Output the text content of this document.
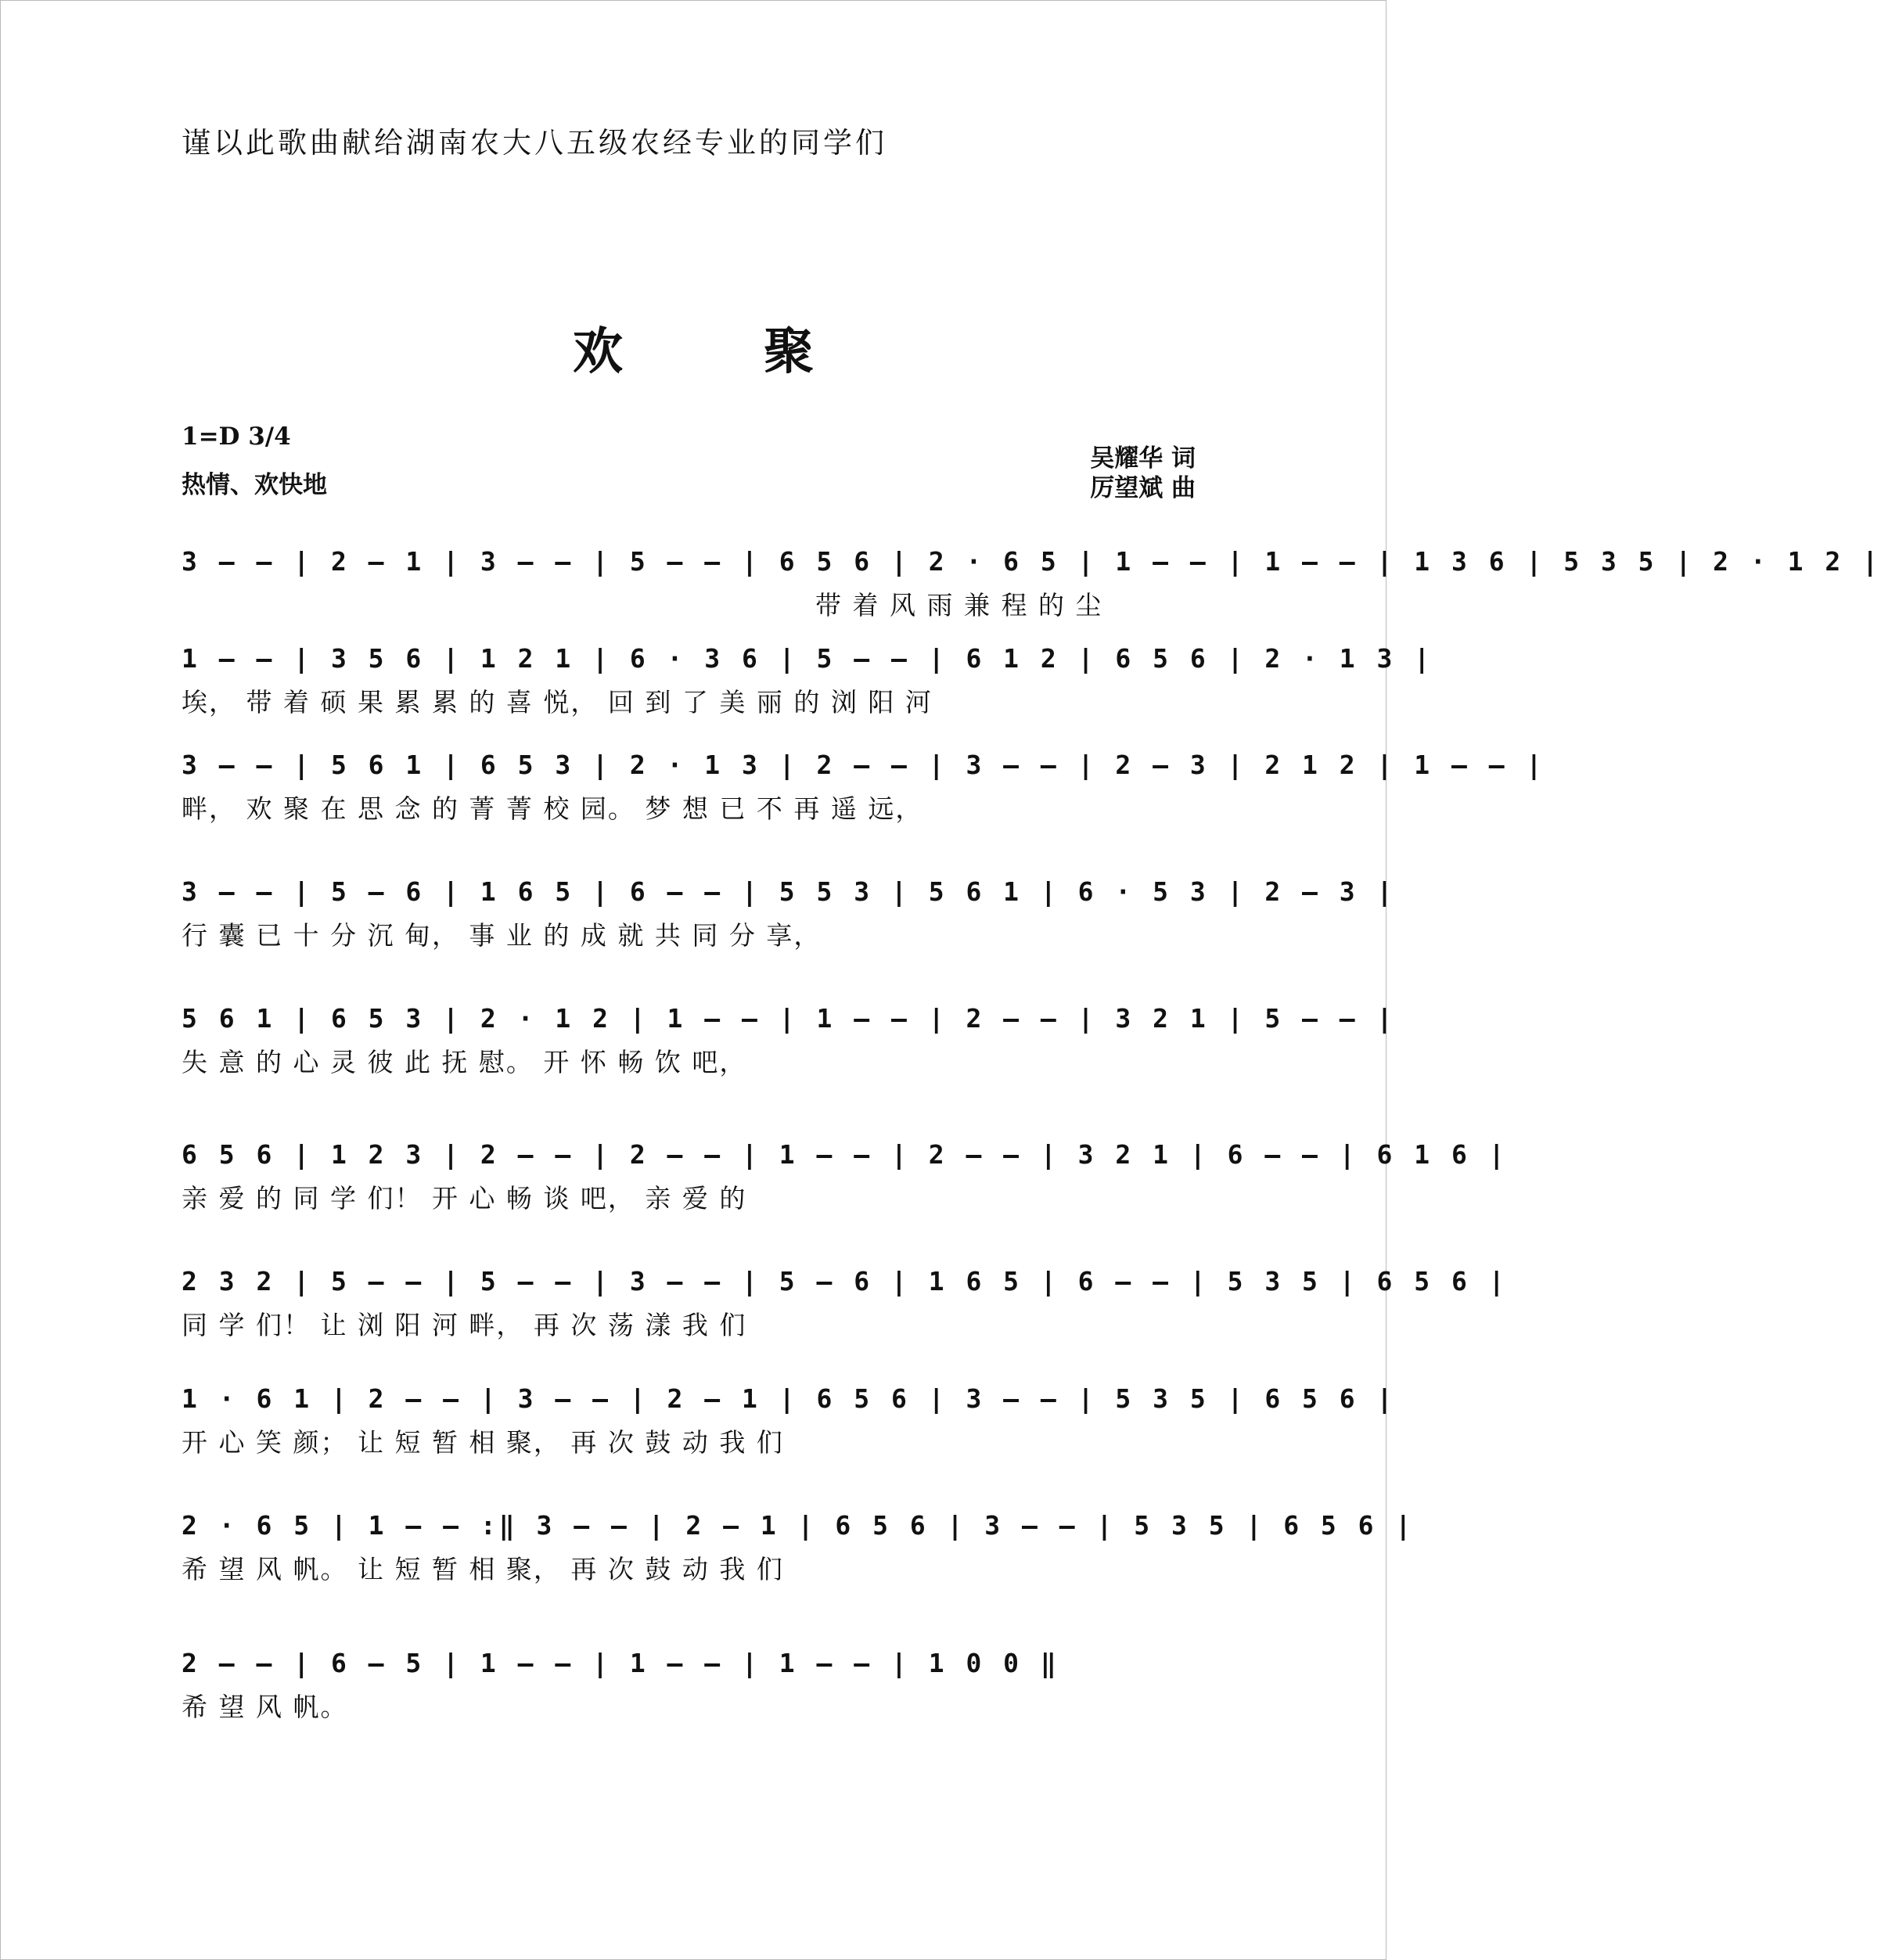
谨以此歌曲献给湖南农大八五级农经专业的同学们
欢	聚
1=D 3/4
热情、欢快地
吴耀华 词
厉望斌 曲
3 — — | 2 — 1 | 3 — — | 5 — — | 6 5 6 | 2 · 6 5 | 1 — — | 1 — — | 1 3 6 | 5 3 5 | 2 · 1 2 |
带 着 风 雨 兼 程 的 尘
1 — — | 3 5 6 | 1 2 1 | 6 · 3 6 | 5 — — | 6 1 2 | 6 5 6 | 2 · 1 3 |
埃， 带 着 硕 果 累 累 的 喜 悦， 回 到 了 美 丽 的 浏 阳 河
3 — — | 5 6 1 | 6 5 3 | 2 · 1 3 | 2 — — | 3 — — | 2 — 3 | 2 1 2 | 1 — — |
畔， 欢 聚 在 思 念 的 菁 菁 校 园。 梦 想 已 不 再 遥 远，
3 — — | 5 — 6 | 1 6 5 | 6 — — | 5 5 3 | 5 6 1 | 6 · 5 3 | 2 — 3 |
行 囊 已 十 分 沉 甸， 事 业 的 成 就 共 同 分 享，
5 6 1 | 6 5 3 | 2 · 1 2 | 1 — — | 1 — — | 2 — — | 3 2 1 | 5 — — |
失 意 的 心 灵 彼 此 抚 慰。 开 怀 畅 饮 吧，
6 5 6 | 1 2 3 | 2 — — | 2 — — | 1 — — | 2 — — | 3 2 1 | 6 — — | 6 1 6 |
亲 爱 的 同 学 们！ 开 心 畅 谈 吧， 亲 爱 的
2 3 2 | 5 — — | 5 — — | 3 — — | 5 — 6 | 1 6 5 | 6 — — | 5 3 5 | 6 5 6 |
同 学 们！ 让 浏 阳 河 畔， 再 次 荡 漾 我 们
1 · 6 1 | 2 — — | 3 — — | 2 — 1 | 6 5 6 | 3 — — | 5 3 5 | 6 5 6 |
开 心 笑 颜； 让 短 暂 相 聚， 再 次 鼓 动 我 们
2 · 6 5 | 1 — — :‖ 3 — — | 2 — 1 | 6 5 6 | 3 — — | 5 3 5 | 6 5 6 |
希 望 风 帆。 让 短 暂 相 聚， 再 次 鼓 动 我 们
2 — — | 6 — 5 | 1 — — | 1 — — | 1 — — | 1 0 0 ‖
希 望 风 帆。
